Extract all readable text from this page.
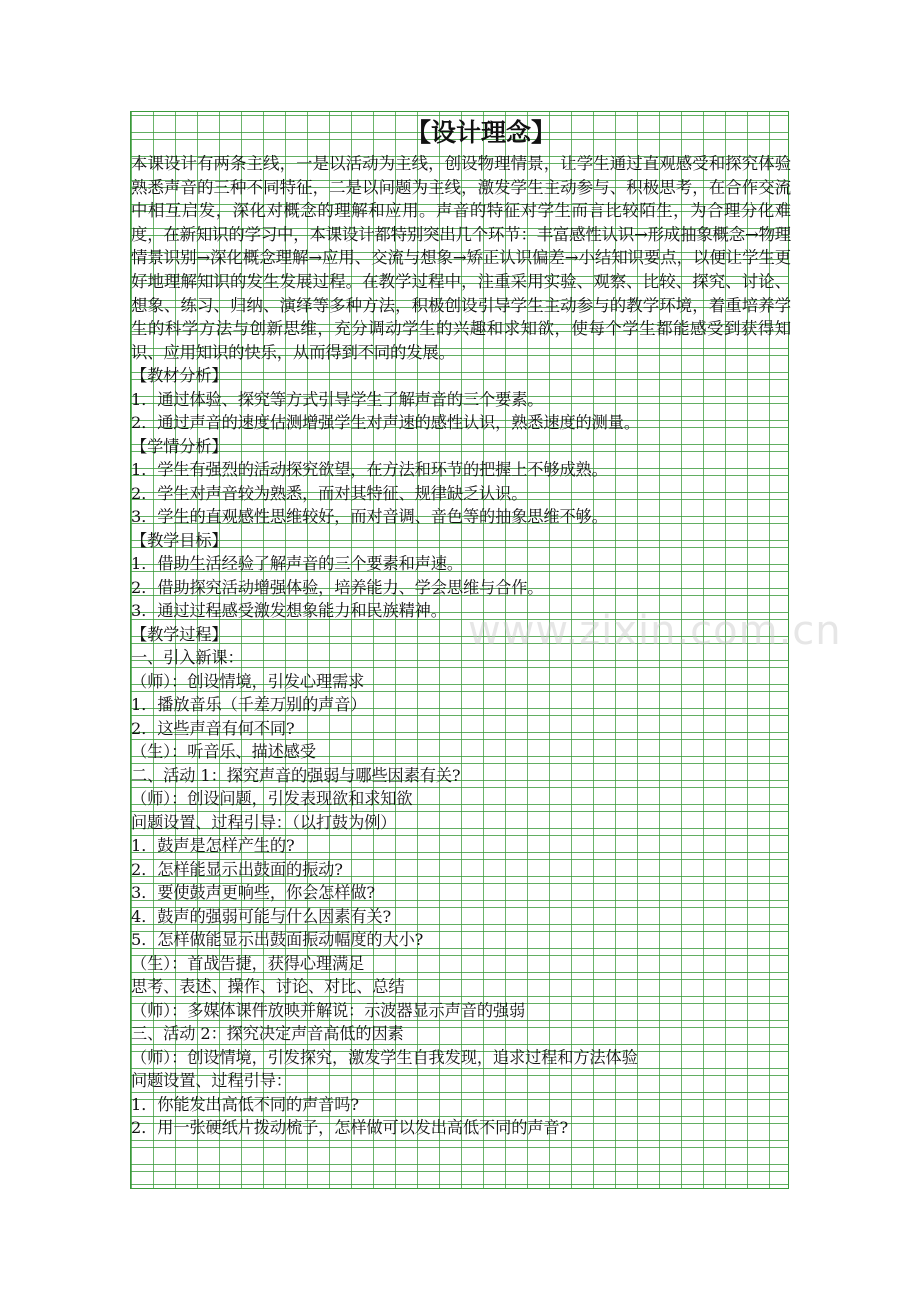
【设计理念】

本课设计有两条主线，一是以活动为主线，创设物理情景，让学生通过直观感受和探究体验熟悉声音的三种不同特征，二是以问题为主线，激发学生主动参与、积极思考，在合作交流中相互启发，深化对概念的理解和应用。声音的特征对学生而言比较陌生，为合理分化难度，在新知识的学习中，本课设计都特别突出几个环节：丰富感性认识→形成抽象概念→物理情景识别→深化概念理解→应用、交流与想象→矫正认识偏差→小结知识要点，以便让学生更好地理解知识的发生发展过程。在教学过程中，注重采用实验、观察、比较、探究、讨论、想象、练习、归纳、演绎等多种方法，积极创设引导学生主动参与的教学环境，着重培养学生的科学方法与创新思维，充分调动学生的兴趣和求知欲，使每个学生都能感受到获得知识、应用知识的快乐，从而得到不同的发展。

【教材分析】

1．通过体验、探究等方式引导学生了解声音的三个要素。

2．通过声音的速度估测增强学生对声速的感性认识，熟悉速度的测量。

【学情分析】

1．学生有强烈的活动探究欲望，在方法和环节的把握上不够成熟。

2．学生对声音较为熟悉，而对其特征、规律缺乏认识。

3．学生的直观感性思维较好，而对音调、音色等的抽象思维不够。

【教学目标】

1．借助生活经验了解声音的三个要素和声速。

2．借助探究活动增强体验，培养能力、学会思维与合作。

3．通过过程感受激发想象能力和民族精神。

【教学过程】

一、引入新课：

（师）：创设情境，引发心理需求

1．播放音乐（千差万别的声音）

2．这些声音有何不同?

（生）：听音乐、描述感受

二、活动 1：探究声音的强弱与哪些因素有关?

（师）：创设问题，引发表现欲和求知欲

问题设置、过程引导：（以打鼓为例）

1．鼓声是怎样产生的?

2．怎样能显示出鼓面的振动?

3．要使鼓声更响些，你会怎样做?

4．鼓声的强弱可能与什么因素有关?

5．怎样做能显示出鼓面振动幅度的大小?

（生）：首战告捷，获得心理满足

思考、表述、操作、讨论、对比、总结

（师）：多媒体课件放映并解说：示波器显示声音的强弱

三、活动 2：探究决定声音高低的因素

（师）：创设情境，引发探究，激发学生自我发现，追求过程和方法体验

问题设置、过程引导：

1．你能发出高低不同的声音吗?

2．用一张硬纸片拨动梳子，怎样做可以发出高低不同的声音?

www.zixin.com.cn
